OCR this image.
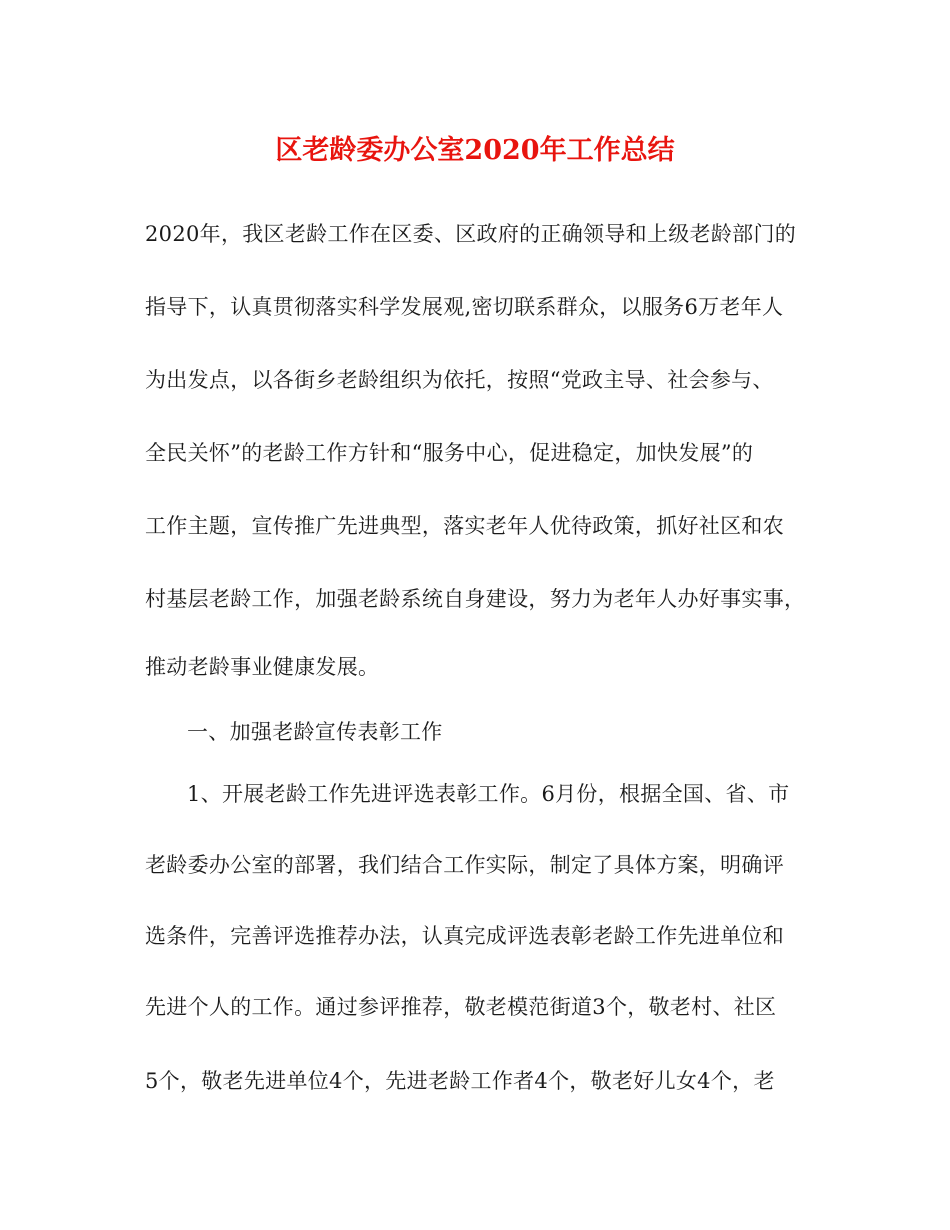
区老龄委办公室2020年工作总结
2020年，我区老龄工作在区委、区政府的正确领导和上级老龄部门的
指导下，认真贯彻落实科学发展观,密切联系群众，以服务6万老年人
为出发点，以各街乡老龄组织为依托，按照“党政主导、社会参与、
全民关怀”的老龄工作方针和“服务中心，促进稳定，加快发展”的
工作主题，宣传推广先进典型，落实老年人优待政策，抓好社区和农
村基层老龄工作，加强老龄系统自身建设，努力为老年人办好事实事，
推动老龄事业健康发展。
一、加强老龄宣传表彰工作
1、开展老龄工作先进评选表彰工作。6月份，根据全国、省、市
老龄委办公室的部署，我们结合工作实际，制定了具体方案，明确评
选条件，完善评选推荐办法，认真完成评选表彰老龄工作先进单位和
先进个人的工作。通过参评推荐，敬老模范街道3个，敬老村、社区
5个，敬老先进单位4个，先进老龄工作者4个，敬老好儿女4个，老
